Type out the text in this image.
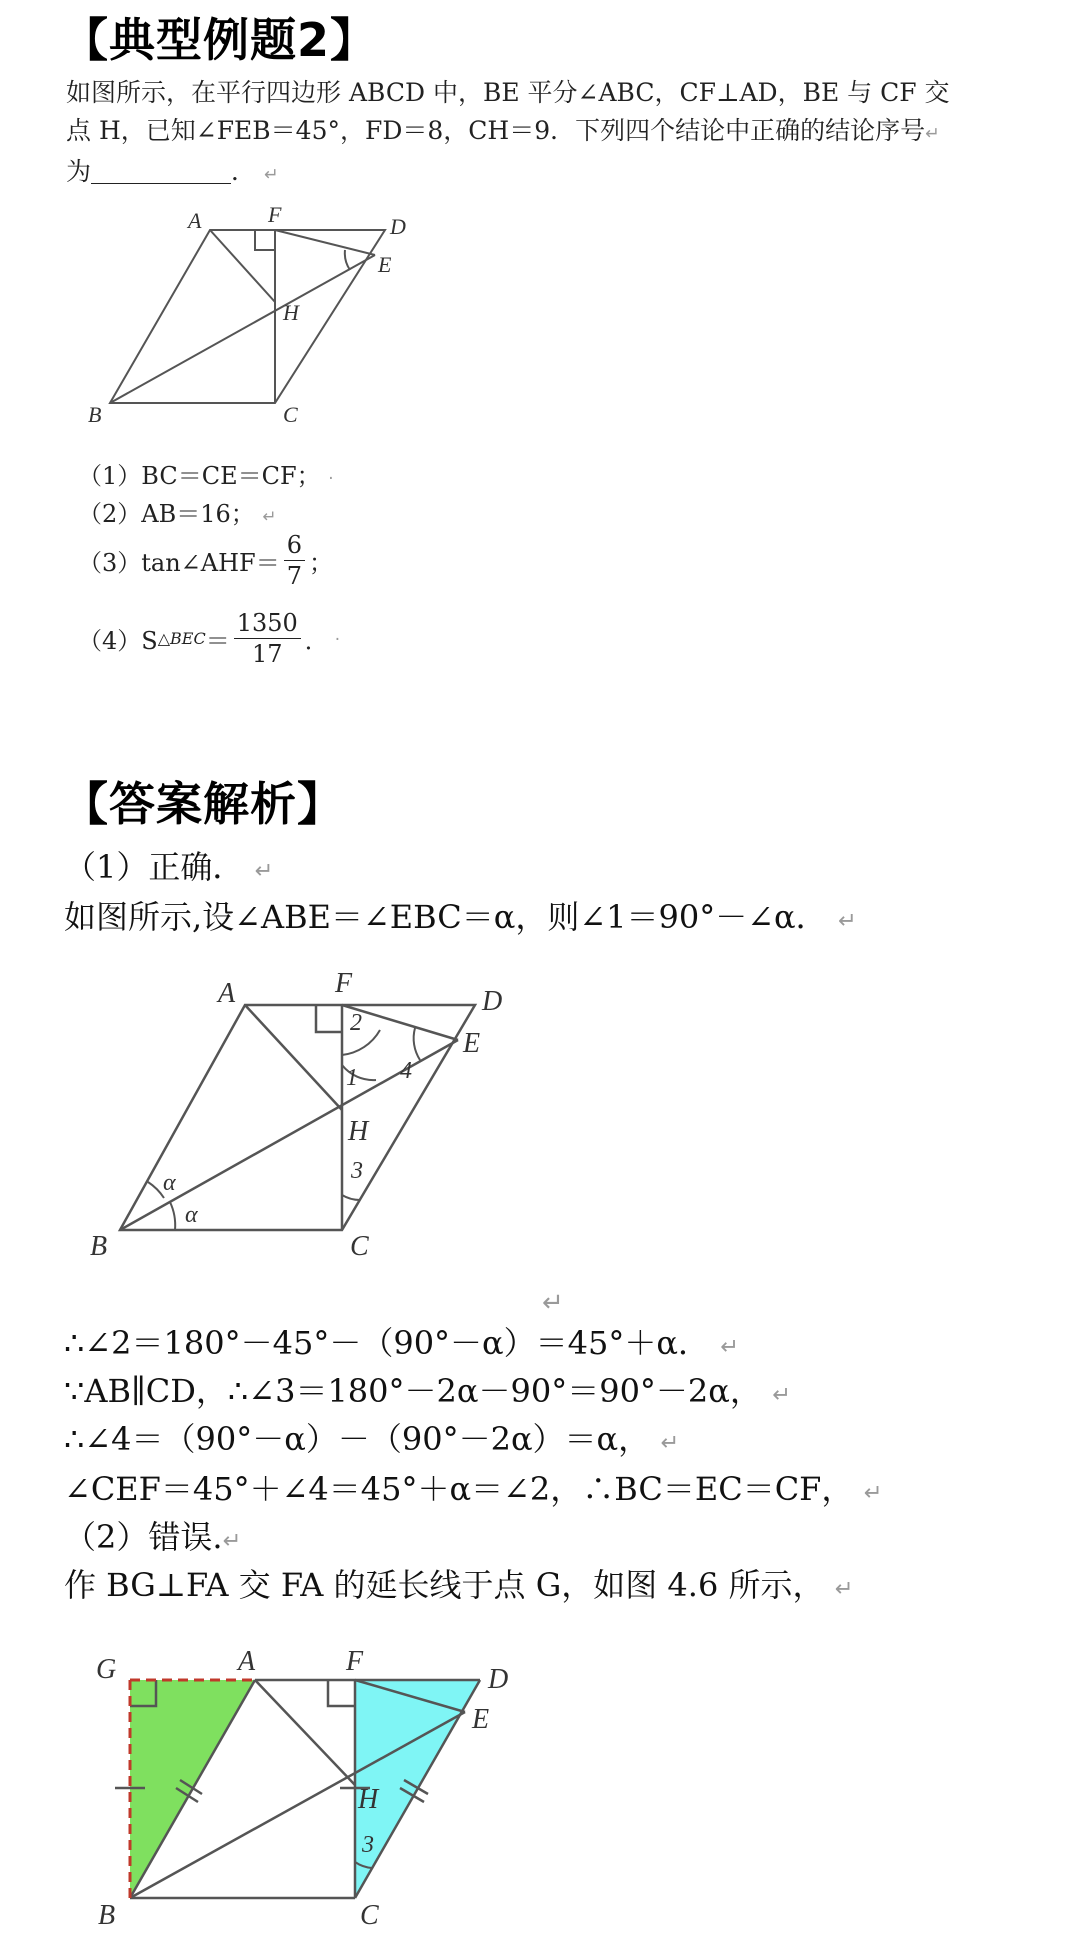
【典型例题2】
如图所示，在平行四边形 ABCD 中，BE 平分∠ABC，CF⊥AD，BE 与 CF 交
点 H，已知∠FEB＝45°，FD＝8，CH＝9．下列四个结论中正确的结论序号↵
为	． ↵
A	F	D
E
H
B	C
（1）BC＝CE＝CF； ·
（2）AB＝16； ↵
（3）tan∠AHF＝ $\frac{6}{7}$ ；
（4）S △BEC ＝ $\frac{1350}{17}$ ． ·
【答案解析】
（1）正确． ↵
如图所示,设∠ABE＝∠EBC＝α，则∠1＝90°－∠α． ↵
A	F
D
E
H
B	C
1
2
3
4
α
α
↵
∴∠2＝180°－45°－（90°－α）＝45°＋α． ↵
∵AB∥CD，∴∠3＝180°－2α－90°＝90°－2α， ↵
∴∠4＝（90°－α）－（90°－2α）＝α， ↵
∠CEF＝45°＋∠4＝45°＋α＝∠2，∴BC＝EC＝CF， ↵
（2）错误.↵
作 BG⊥FA 交 FA 的延长线于点 G，如图 4.6 所示， ↵
G	A	F
D
E
H
B	C
3
